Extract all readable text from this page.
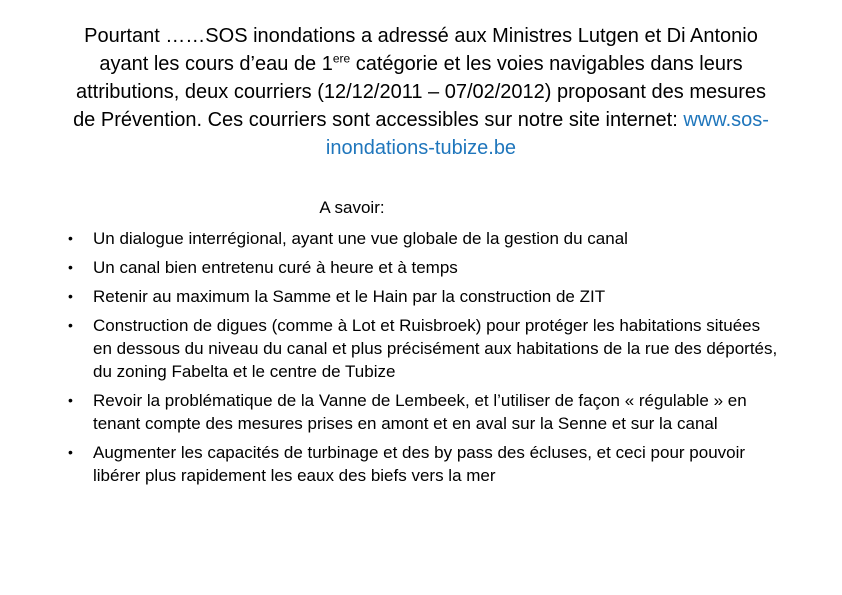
Pourtant ……SOS inondations a adressé aux Ministres Lutgen et Di Antonio ayant les cours d’eau de 1ere catégorie et les voies navigables dans leurs attributions, deux courriers (12/12/2011 – 07/02/2012) proposant des mesures de Prévention. Ces courriers sont accessibles sur notre site internet: www.sos-inondations-tubize.be

A savoir:

•	Un dialogue interrégional, ayant une vue globale de la gestion du canal
•	Un canal bien entretenu curé à heure et à temps
•	Retenir au maximum la Samme et le Hain par la construction de ZIT
•	Construction de digues (comme à Lot et Ruisbroek) pour protéger les habitations situées en dessous du niveau du canal et plus précisément aux habitations de la rue des déportés, du zoning Fabelta et le centre de Tubize
•	Revoir la problématique de la Vanne de Lembeek, et l’utiliser de façon « régulable » en tenant compte des mesures prises en amont et en aval sur la Senne et sur la canal
•	Augmenter les capacités de turbinage et des by pass des écluses, et ceci pour pouvoir libérer plus rapidement les eaux des biefs vers la mer
